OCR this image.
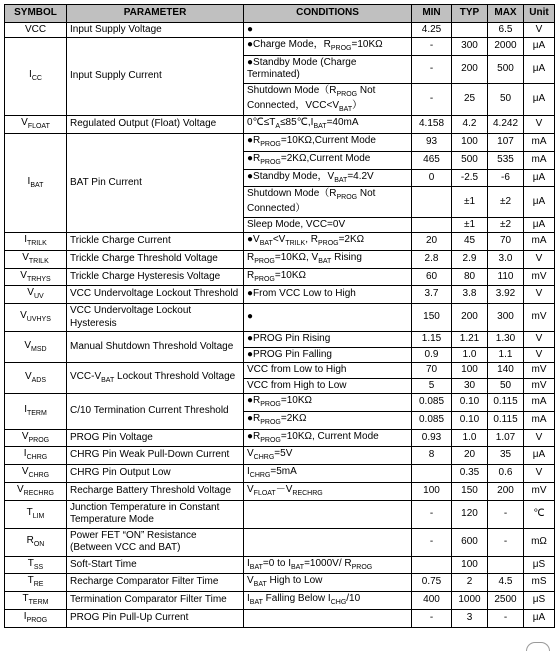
SYMBOL	PARAMETER	CONDITIONS	MIN	TYP	MAX	Unit
VCC	Input Supply Voltage	●	4.25		6.5	V
$I_{CC}$	Input Supply Current	●Charge Mode，$R_{PROG}=10K\Omega$	-	300	2000	μA
		●Standby Mode (Charge Terminated)	-	200	500	μA
		Shutdown $Mode(R_{PROG}$ Not Connected，$VCC<V_{BAT}$）	-	25	50	μA
$V_{FLOAT}$	Regulated Output (Float) Voltage	$0℃\le T_A\le 85℃,I_{BAT}=40mA$	4.158	4.2	4.242	V
$I_{BAT}$	BAT Pin Current	$●R_{PROG}=10K\Omega,Current$ Mode	93	100	107	mA
		$●R_{PROG}=2K\Omega,Current$ Mode	465	500	535	mA
		●Standby Mode，$V_{BAT}=4.2V$	0	-2.5	-6	μA
		Shutdown $Mode(R_{PROG}$ Not Connected）		±1	±2	μA
		Sleep Mode, VCC=0V		±1	±2	μA
$I_{TRILK}$	Trickle Charge Current	$●V_{BAT}<V_{TRILK}$, $R_{PROG}=2K\Omega$	20	45	70	mA
$V_{TRILK}$	Trickle Charge Threshold Voltage	$R_{PROG}=10K\Omega$, $V_{BAT}$ Rising	2.8	2.9	3.0	V
$V_{TRHYS}$	Trickle Charge Hysteresis Voltage	$R_{PROG}=10K\Omega$	60	80	110	mV
$V_{UV}$	VCC Undervoltage Lockout Threshold	●From VCC Low to High	3.7	3.8	3.92	V
$V_{UVHYS}$	VCC Undervoltage Lockout Hysteresis	●	150	200	300	mV
$V_{MSD}$	Manual Shutdown Threshold Voltage	●PROG Pin Rising	1.15	1.21	1.30	V
		●PROG Pin Falling	0.9	1.0	1.1	V
$V_{ADS}$	VCC-$V_{BAT}$ Lockout Threshold Voltage	VCC from Low to High	70	100	140	mV
		VCC from High to Low	5	30	50	mV
$I_{TERM}$	C/10 Termination Current Threshold	$●R_{PROG}=10K\Omega$	0.085	0.10	0.115	mA
		$●R_{PROG}=2K\Omega$	0.085	0.10	0.115	mA
$V_{PROG}$	PROG Pin Voltage	$●R_{PROG}=10K\Omega$, Current Mode	0.93	1.0	1.07	V
$I_{CHRG}$	CHRG Pin Weak Pull-Down Current	$V_{CHRG}=5V$	8	20	35	μA
$V_{CHRG}$	CHRG Pin Output Low	$I_{CHRG}=5mA$		0.35	0.6	V
$V_{RECHRG}$	Recharge Battery Threshold Voltage	$V_{FLOAT}-V_{RECHRG}$	100	150	200	mV
$T_{LIM}$	Junction Temperature in Constant Temperature Mode		-	120	-	℃
$R_{ON}$	Power FET “ON” Resistance (Between VCC and BAT)		-	600	-	mΩ
$T_{SS}$	Soft-Start Time	$I_{BAT}=0$ to $I_{BAT}=1000V/$ $R_{PROG}$		100		μS
$T_{RE}$	Recharge Comparator Filter Time	$V_{BAT}$ High to Low	0.75	2	4.5	mS
$T_{TERM}$	Termination Comparator Filter Time	$I_{BAT}$ Falling Below $I_{CHG}/10$	400	1000	2500	μS
$I_{PROG}$	PROG Pin Pull-Up Current		-	3	-	μA
